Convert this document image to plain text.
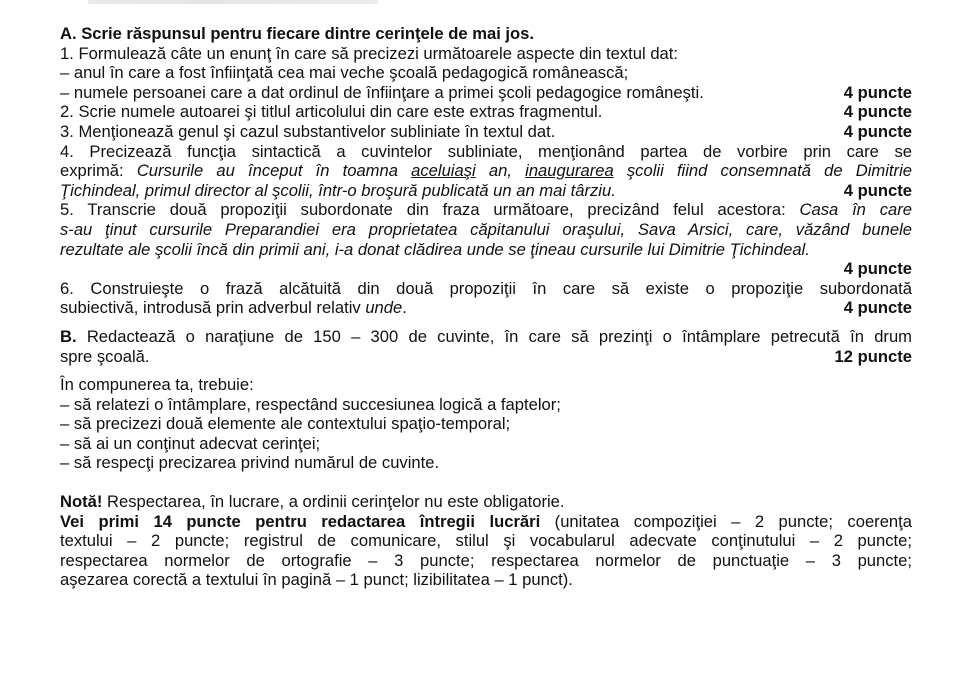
A. Scrie răspunsul pentru fiecare dintre cerinţele de mai jos.
1. Formulează câte un enunţ în care să precizezi următoarele aspecte din textul dat:
– anul în care a fost înfiinţată cea mai veche şcoală pedagogică românească;
– numele persoanei care a dat ordinul de înfiinţare a primei şcoli pedagogice româneşti.	4 puncte
2. Scrie numele autoarei şi titlul articolului din care este extras fragmentul.	4 puncte
3. Menţionează genul şi cazul substantivelor subliniate în textul dat.	4 puncte
4. Precizează funcţia sintactică a cuvintelor subliniate, menţionând partea de vorbire prin care se
exprimă: Cursurile au început în toamna aceluiaşi an, inaugurarea şcolii fiind consemnată de Dimitrie
Ţichindeal, primul director al şcolii, într-o broşură publicată un an mai târziu.	4 puncte
5. Transcrie două propoziţii subordonate din fraza următoare, precizând felul acestora: Casa în care
s-au ţinut cursurile Preparandiei era proprietatea căpitanului oraşului, Sava Arsici, care, văzând bunele
rezultate ale şcolii încă din primii ani, i-a donat clădirea unde se ţineau cursurile lui Dimitrie Ţichindeal.
4 puncte
6. Construieşte o frază alcătuită din două propoziţii în care să existe o propoziţie subordonată
subiectivă, introdusă prin adverbul relativ unde.	4 puncte
B. Redactează o naraţiune de 150 – 300 de cuvinte, în care să prezinţi o întâmplare petrecută în drum
spre şcoală.	12 puncte
În compunerea ta, trebuie:
– să relatezi o întâmplare, respectând succesiunea logică a faptelor;
– să precizezi două elemente ale contextului spaţio-temporal;
– să ai un conţinut adecvat cerinţei;
– să respecţi precizarea privind numărul de cuvinte.
Notă! Respectarea, în lucrare, a ordinii cerinţelor nu este obligatorie.
Vei primi 14 puncte pentru redactarea întregii lucrări (unitatea compoziţiei – 2 puncte; coerenţa
textului – 2 puncte; registrul de comunicare, stilul şi vocabularul adecvate conţinutului – 2 puncte;
respectarea normelor de ortografie – 3 puncte; respectarea normelor de punctuaţie – 3 puncte;
aşezarea corectă a textului în pagină – 1 punct; lizibilitatea – 1 punct).
